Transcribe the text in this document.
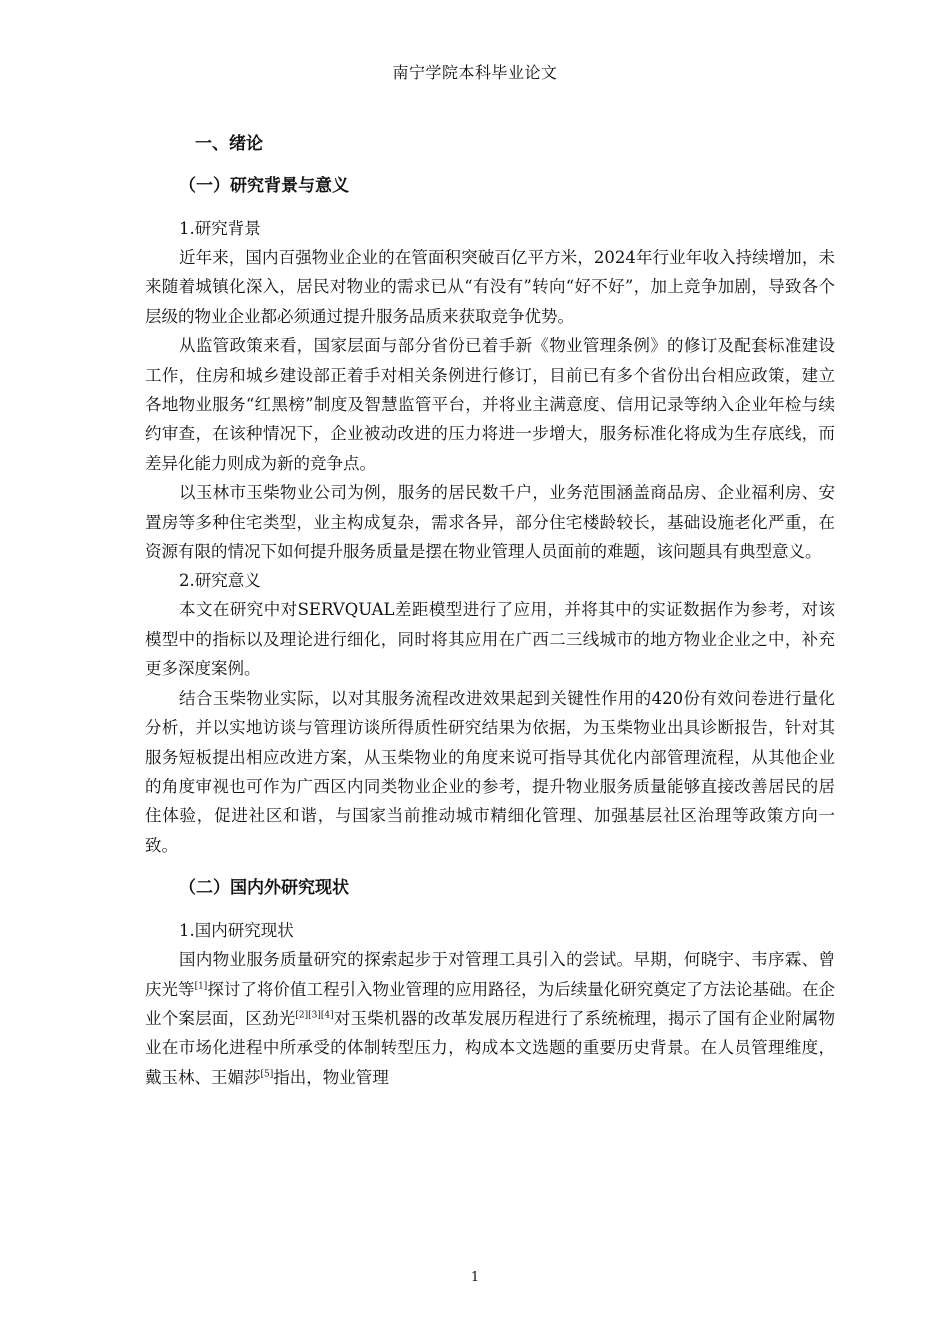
南宁学院本科毕业论文
一、绪论
（一）研究背景与意义
1.研究背景

近年来，国内百强物业企业的在管面积突破百亿平方米，2024年行业年收入持续增加，未来随着城镇化深入，居民对物业的需求已从“有没有”转向“好不好”，加上竞争加剧，导致各个层级的物业企业都必须通过提升服务品质来获取竞争优势。

从监管政策来看，国家层面与部分省份已着手新《物业管理条例》的修订及配套标准建设工作，住房和城乡建设部正着手对相关条例进行修订，目前已有多个省份出台相应政策，建立各地物业服务“红黑榜”制度及智慧监管平台，并将业主满意度、信用记录等纳入企业年检与续约审查，在该种情况下，企业被动改进的压力将进一步增大，服务标准化将成为生存底线，而差异化能力则成为新的竞争点。

以玉林市玉柴物业公司为例，服务的居民数千户，业务范围涵盖商品房、企业福利房、安置房等多种住宅类型，业主构成复杂，需求各异，部分住宅楼龄较长，基础设施老化严重，在资源有限的情况下如何提升服务质量是摆在物业管理人员面前的难题，该问题具有典型意义。

2.研究意义

本文在研究中对SERVQUAL差距模型进行了应用，并将其中的实证数据作为参考，对该模型中的指标以及理论进行细化，同时将其应用在广西二三线城市的地方物业企业之中，补充更多深度案例。

结合玉柴物业实际，以对其服务流程改进效果起到关键性作用的420份有效问卷进行量化分析，并以实地访谈与管理访谈所得质性研究结果为依据，为玉柴物业出具诊断报告，针对其服务短板提出相应改进方案，从玉柴物业的角度来说可指导其优化内部管理流程，从其他企业的角度审视也可作为广西区内同类物业企业的参考，提升物业服务质量能够直接改善居民的居住体验，促进社区和谐，与国家当前推动城市精细化管理、加强基层社区治理等政策方向一致。

（二）国内外研究现状
1.国内研究现状

国内物业服务质量研究的探索起步于对管理工具引入的尝试。早期，何晓宇、韦序霖、曾庆光等[1]探讨了将价值工程引入物业管理的应用路径，为后续量化研究奠定了方法论基础。在企业个案层面，区劲光[2][3][4]对玉柴机器的改革发展历程进行了系统梳理，揭示了国有企业附属物业在市场化进程中所承受的体制转型压力，构成本文选题的重要历史背景。在人员管理维度，戴玉林、王媚莎[5]指出，物业管理

1
